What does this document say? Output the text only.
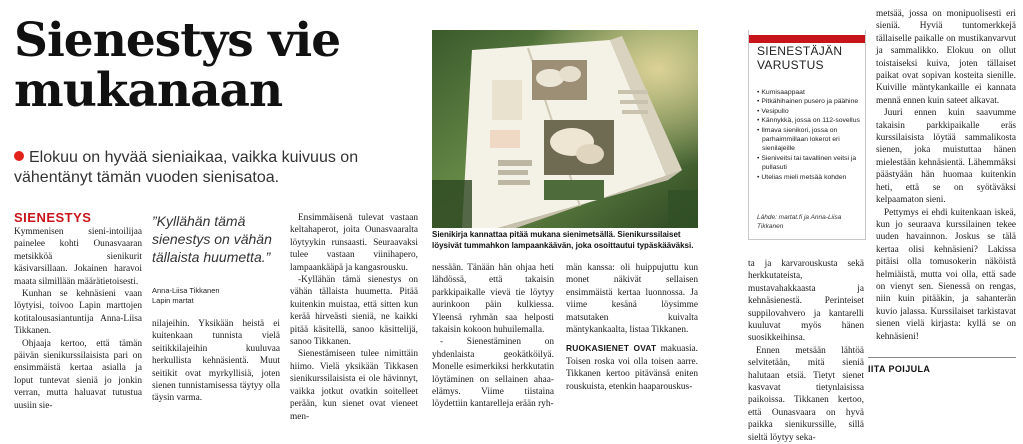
Sienestys vie
mukanaan
Elokuu on hyvää sieniaikaa, vaikka kuivuus on vähentänyt tämän vuoden sienisatoa.
SIENESTYS

Kymmenisen sieni-intoilijaa painelee kohti Ounasvaaran metsikköä sienikurit käsivarsillaan. Jokainen haravoi maata silmillään määrätietoisesti.

Kunhan se kehnäsieni vaan löytyisi, toivoo Lapin marttojen kotitalousasiantuntija Anna-Liisa Tikkanen.

Ohjaaja kertoo, että tämän päivän sienikurssilaisista pari on ensimmäistä kertaa asialla ja loput tuntevat sieniä jo jonkin verran, mutta haluavat tutustua uusiin sie-

”Kyllähän tämä sienestys on vähän tällaista huumetta.”
Anna-Liisa Tikkanen
Lapin martat

nilajeihin. Yksikään heistä ei kuitenkaan tunnista vielä seitikkilajeihin kuuluvaa herkullista kehnäsientä. Muut seitikit ovat myrkyllisiä, joten sienen tunnistamisessa täytyy olla täysin varma.

Ensimmäisenä tulevat vastaan keltahaperot, joita Ounasvaaralta löytyykin runsaasti. Seuraavaksi tulee vastaan viinihapero, lampaankääpä ja kangasrousku.

-Kyllähän tämä sienestys on vähän tällaista huumetta. Pitää kuitenkin muistaa, että sitten kun kerää hirveästi sieniä, ne kaikki pitää käsitellä, sanoo käsittelijä, sanoo Tikkanen.

Sienestämiseen tulee nimittäin hiimo. Vielä yksikään Tikkasen sienikurssilaisista ei ole hävinnyt, vaikka jotkut ovatkin soitelleet perään, kun sienet ovat vieneet men-

Sienikirja kannattaa pitää mukana sienimetsällä. Sienikurssilaiset löysivät tummahkon lampaankäävän, joka osoittautui typäskääväksi.

nessään. Tänään hän ohjaa heti lähdössä, että takaisin parkkipaikalle vievä tie löytyy aurinkoon päin kulkiessa. Yleensä ryhmän saa helposti takaisin kokoon huhuilemalla.

- Sienestäminen on yhdenlaista geokätköilyä. Monelle esimerkiksi herkkutatin löytäminen on sellainen ahaa-elämys. Viime tiistaina löydettiin kantarelleja erään ryh-

män kanssa: oli huippujuttu kun monet näkivät sellaisen ensimmäistä kertaa luonnossa. Ja viime kesänä löysimme matsutaken kuivalta mäntykankaalta, listaa Tikkanen.

RUOKASIENET OVAT makuasia. Toisen roska voi olla toisen aarre. Tikkanen kertoo pitävänsä eniten rouskuista, etenkin haaparouskus-

SIENESTÄJÄN VARUSTUS
• Kumisaappaat
• Pitkähihainen pusero ja päähine
• Vesipullo
• Kännykkä, jossa on 112-sovellus
• Ilmava sienikori, jossa on parhaimmillaan lokerot eri sienilajeille
• Sieniveitsi tai tavallinen veitsi ja pullasuti
• Utelias mieli metsää kohden
Lähde: martat.fi ja Anna-Liisa Tikkanen

ta ja karvarouskusta sekä herkkutateista, mustavahakkaasta ja kehnäsienestä. Perinteiset suppilovahvero ja kantarelli kuuluvat myös hänen suosikkeihinsa.

Ennen metsään lähtöä selvitetään, mitä sieniä halutaan etsiä. Tietyt sienet kasvavat tietynlaisissa paikoissa. Tikkanen kertoo, että Ounasvaara on hyvä paikka sienikurssille, sillä sieltä löytyy seka-

metsää, jossa on monipuolisesti eri sieniä. Hyviä tuntomerkkejä tällaiselle paikalle on mustikanvarvut ja sammalikko. Elokuu on ollut toistaiseksi kuiva, joten tällaiset paikat ovat sopivan kosteita sienille. Kuiville mäntykankaille ei kannata mennä ennen kuin sateet alkavat.

Juuri ennen kuin saavumme takaisin parkkipaikalle eräs kurssilaisista löytää sammalikosta sienen, joka muistuttaa hänen mielestään kehnäsientä. Lähemmäksi päästyään hän huomaa kuitenkin heti, että se on syötäväksi kelpaamaton sieni.

Pettymys ei ehdi kuitenkaan iskeä, kun jo seuraava kurssilainen tekee uuden havainnon. Joskus se tälä kertaa olisi kehnäsieni? Lakissa pitäisi olla tomusokerin näköistä helmiäistä, mutta voi olla, että sade on vienyt sen. Sienessä on rengas, niin kuin pitääkin, ja sahanterän kuvio jalassa. Kurssilaiset tarkistavat sienen vielä kirjasta: kyllä se on kehnäsieni!

IITA POIJULA
